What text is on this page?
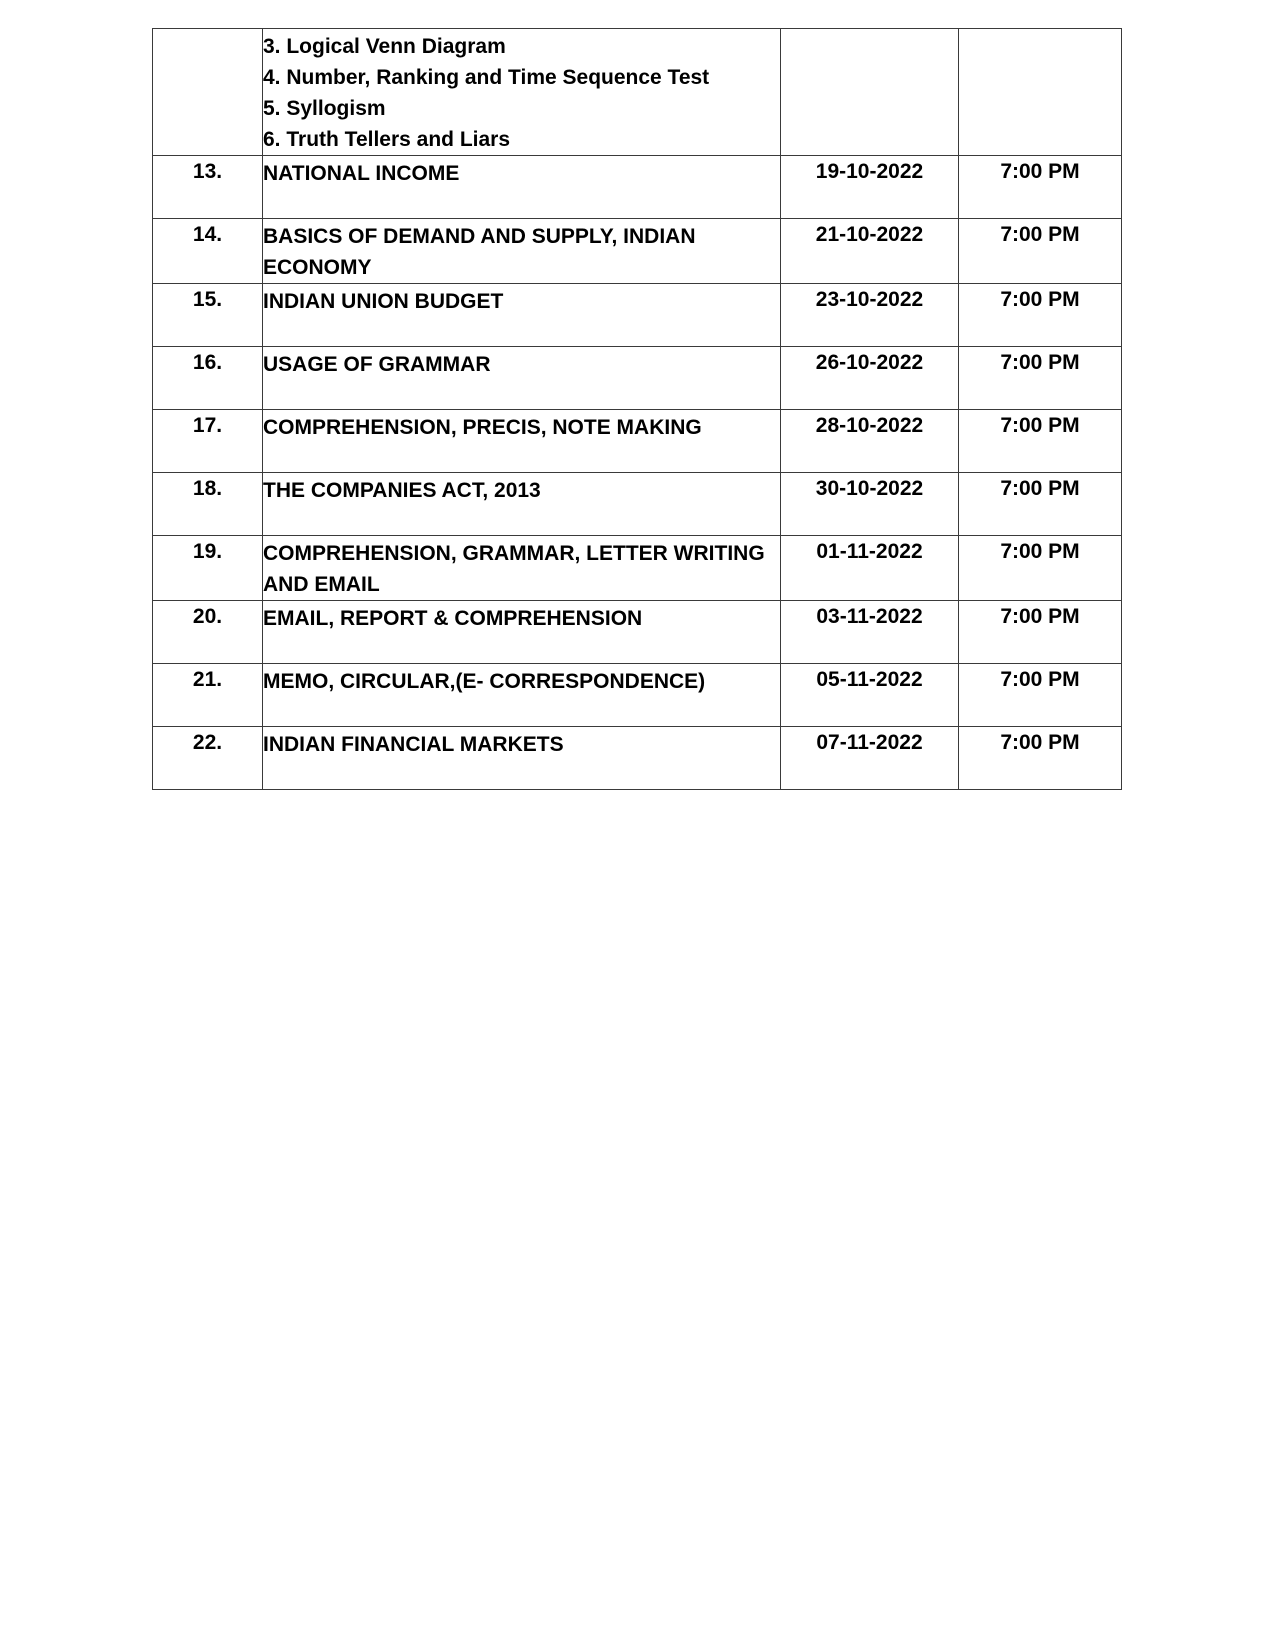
	3. Logical Venn Diagram
4. Number, Ranking and Time Sequence Test
5. Syllogism
6. Truth Tellers and Liars		

13.	NATIONAL INCOME	19-10-2022	7:00 PM
14.	BASICS OF DEMAND AND SUPPLY, INDIAN ECONOMY	21-10-2022	7:00 PM
15.	INDIAN UNION BUDGET	23-10-2022	7:00 PM
16.	USAGE OF GRAMMAR	26-10-2022	7:00 PM
17.	COMPREHENSION, PRECIS, NOTE MAKING	28-10-2022	7:00 PM
18.	THE COMPANIES ACT, 2013	30-10-2022	7:00 PM
19.	COMPREHENSION, GRAMMAR, LETTER WRITING AND EMAIL	01-11-2022	7:00 PM
20.	EMAIL, REPORT & COMPREHENSION	03-11-2022	7:00 PM
21.	MEMO, CIRCULAR,(E- CORRESPONDENCE)	05-11-2022	7:00 PM
22.	INDIAN FINANCIAL MARKETS	07-11-2022	7:00 PM
